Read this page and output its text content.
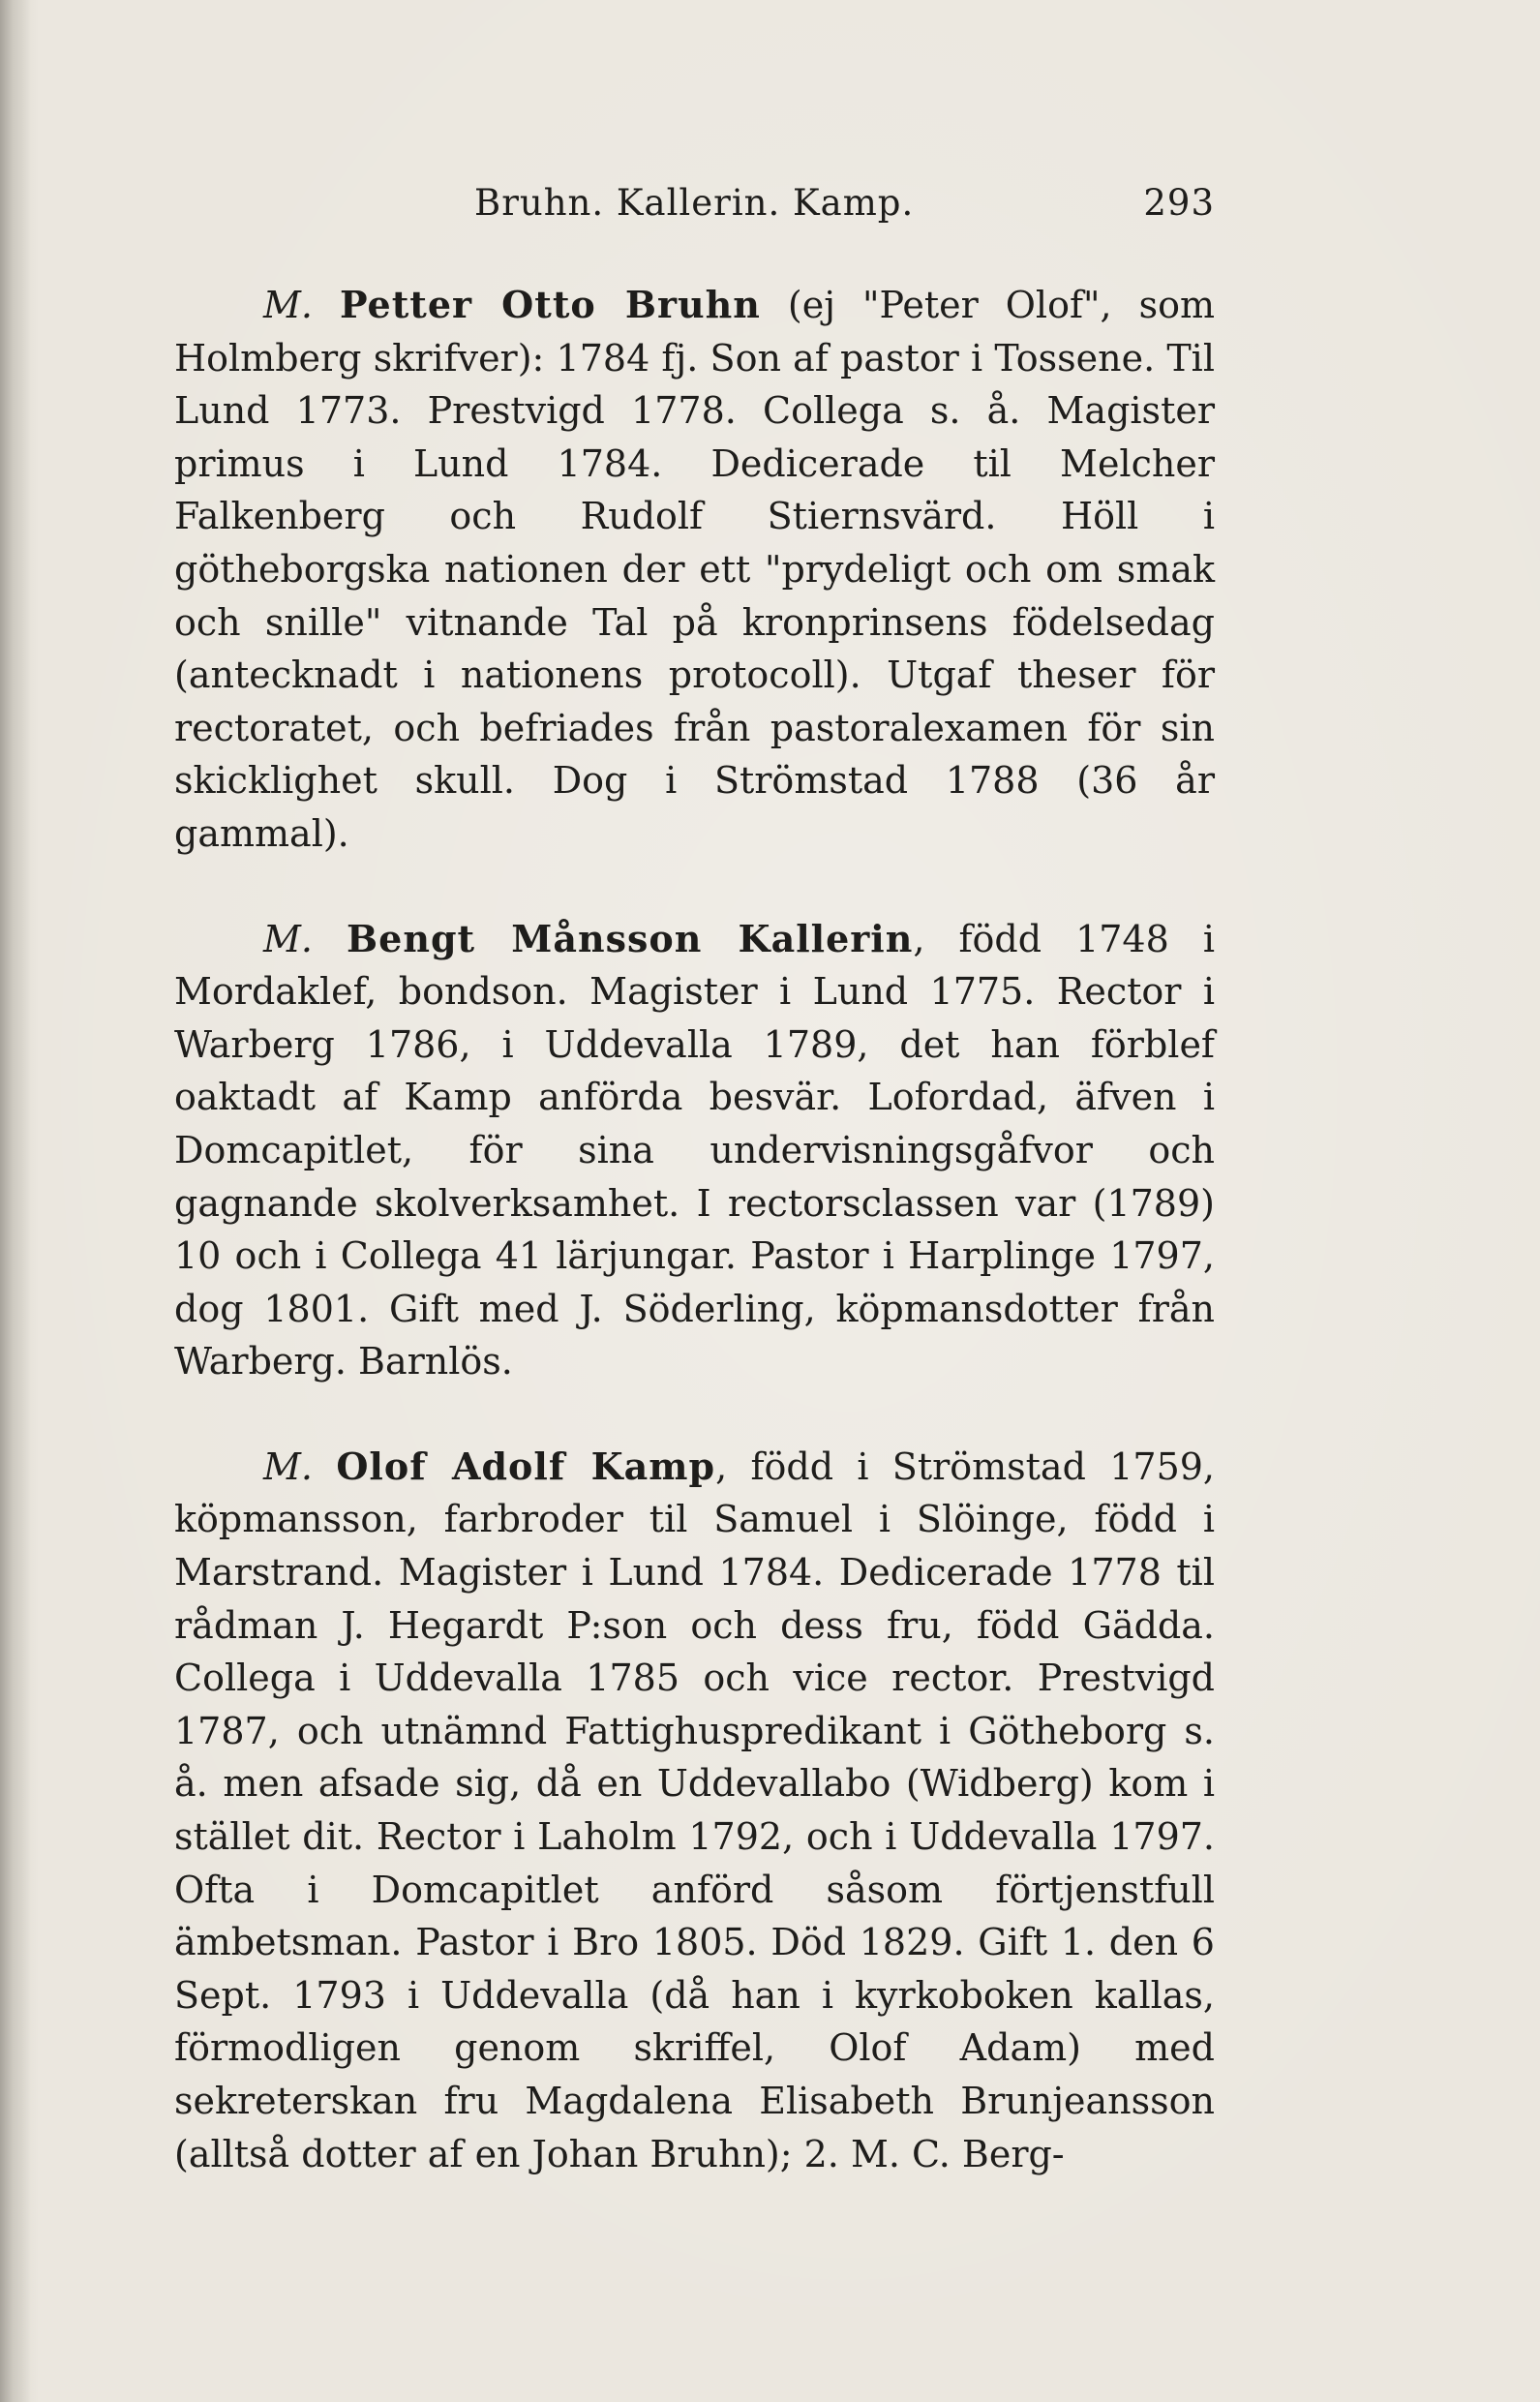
Bruhn. Kallerin. Kamp.	293

M. Petter Otto Bruhn (ej "Peter Olof", som Holmberg skrifver): 1784 fj. Son af pastor i Tossene. Til Lund 1773. Prestvigd 1778. Collega s. å. Magister primus i Lund 1784. Dedicerade til Melcher Falkenberg och Rudolf Stiernsvärd. Höll i götheborgska nationen der ett "prydeligt och om smak och snille" vitnande Tal på kronprinsens födelsedag (antecknadt i nationens protocoll). Utgaf theser för rectoratet, och befriades från pastoralexamen för sin skicklighet skull. Dog i Strömstad 1788 (36 år gammal).

M. Bengt Månsson Kallerin, född 1748 i Mordaklef, bondson. Magister i Lund 1775. Rector i Warberg 1786, i Uddevalla 1789, det han förblef oaktadt af Kamp anförda besvär. Lofordad, äfven i Domcapitlet, för sina undervisningsgåfvor och gagnande skolverksamhet. I rectorsclassen var (1789) 10 och i Collega 41 lärjungar. Pastor i Harplinge 1797, dog 1801. Gift med J. Söderling, köpmansdotter från Warberg. Barnlös.

M. Olof Adolf Kamp, född i Strömstad 1759, köpmansson, farbroder til Samuel i Slöinge, född i Marstrand. Magister i Lund 1784. Dedicerade 1778 til rådman J. Hegardt P:son och dess fru, född Gädda. Collega i Uddevalla 1785 och vice rector. Prestvigd 1787, och utnämnd Fattighuspredikant i Götheborg s. å. men afsade sig, då en Uddevallabo (Widberg) kom i stället dit. Rector i Laholm 1792, och i Uddevalla 1797. Ofta i Domcapitlet anförd såsom förtjenstfull ämbetsman. Pastor i Bro 1805. Död 1829. Gift 1. den 6 Sept. 1793 i Uddevalla (då han i kyrkoboken kallas, förmodligen genom skriffel, Olof Adam) med sekreterskan fru Magdalena Elisabeth Brunjeansson (alltså dotter af en Johan Bruhn); 2. M. C. Berg-
